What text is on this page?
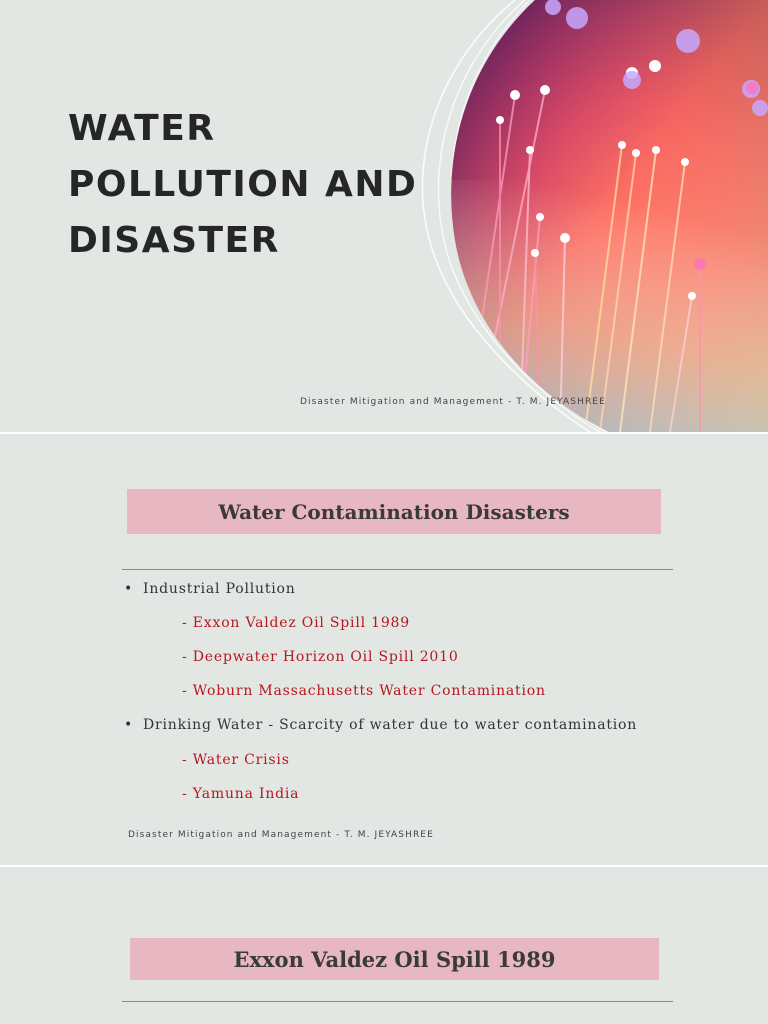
WATER
POLLUTION AND
DISASTER
Disaster Mitigation and Management - T. M. JEYASHREE
Water Contamination Disasters
• Industrial Pollution
- Exxon Valdez Oil Spill 1989
- Deepwater Horizon Oil Spill 2010
- Woburn Massachusetts Water Contamination
• Drinking Water - Scarcity of water due to water contamination
- Water Crisis
- Yamuna India
Disaster Mitigation and Management - T. M. JEYASHREE
Exxon Valdez Oil Spill 1989
